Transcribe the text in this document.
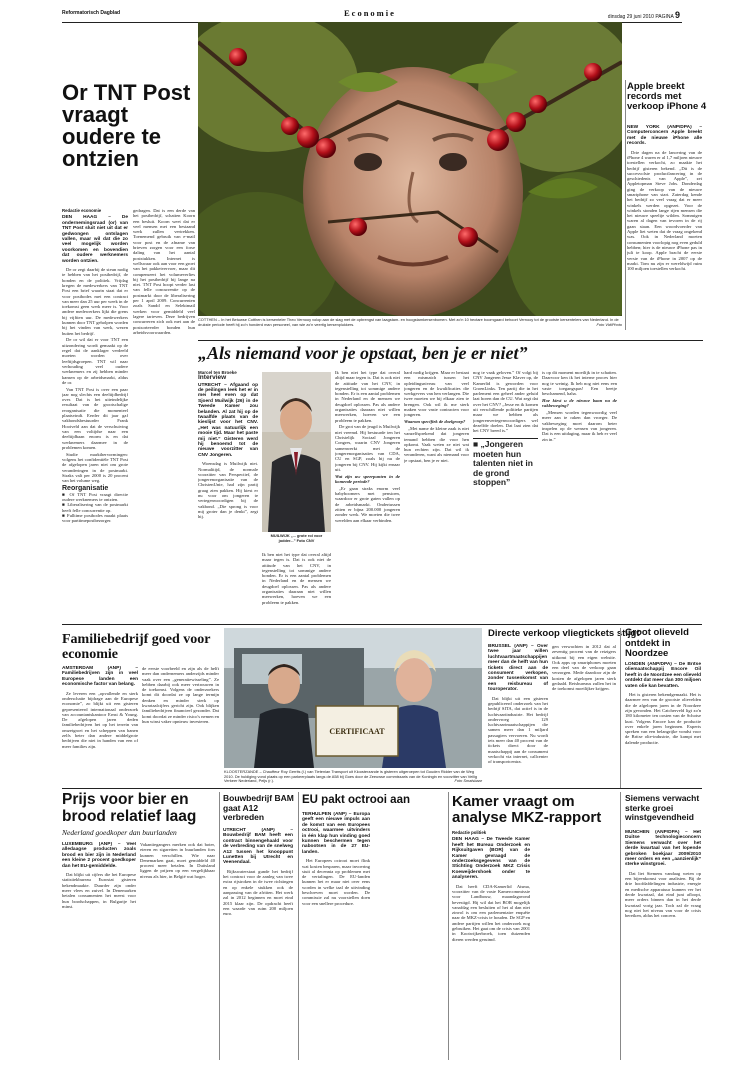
Reformatorisch Dagblad	Economie	dinsdag 29 juni 2010 PAGINA 9
Or TNT Post vraagt oudere te ontzien
Redactie economie
DEN HAAG – De ondernemingsraad (or) van TNT Post sluit niet uit dat er gedwongen ontslagen vallen, maar wil dat die zo veel mogelijk worden voorkomen en bovendien dat oudere werknemers worden ontzien.

De or zegt daarbij de steun nodig te hebben van het postbedrijf, de bonden en de politiek. Vrijdag kregen de medewerkers van TNT Post een brief waarin staat dat er voor postbodes met een contract van meer dan 25 uur per week in de toekomst geen werk meer is. Voor andere medewerkers lijkt die grens bij vijftien uur. De medewerkers kunnen door TNT geholpen worden bij het vinden van werk, wezen buiten het bedrijf.

De or wil dat er voor TNT een uitzondering wordt gemaakt op de regel dat de aanklager verdeeld moeten worden over leeftijdsgroepen. TNT wil naar verhouding veel oudere werknemers en zij hebben minder kansen op de arbeidsmarkt, aldus de or.

Van TNT Post is over een paar jaar nog slechts een deeltijdbedrijf over. Dat is het uiteindelijke resultaat van de grootschalige reorganisatie die momenteel plaatsvindt. Eerder dit jaar gaf vakbondsbestuurder Frank Hooiveld aan dat de verschuiving van een voltijdse naar een deeltijdbaan enorm is en dat werknemers daarmee in de problemen komen.

Studie markthervormingen: volgens het confidentiële TNT Post de afgelopen jaren niet om grote veranderingen in de postmarkt. Straks valt per 2000 is 20 procent van het volume weg.

Reorganisatie
■ Of TNT Post vraagt directie oudere werknemers te ontzien.
■ Liberalisering van de postmarkt heeft felle concurrentie op.
■ Fulltime postbodes maakt plaats voor parttimepostbezorger.

gedragen. Dat is een derde van het postbedrijf, schatten Koorn een besluit. Koorn weet dat er veel mensen met een bestaand werk zullen vertrekken. Toenemend gebruik van e-mail voor post en de afname van brieven zorgen voor een forse daling van het aantal poststukken. Internet is wellswaar ook aan voor een groei van het pakketvervoer, maar dit compenseert het volumeverlies bij het postbedrijf bij lange na niet. TNT Post hoopt verder last van felle concurrentie op de postmarkt door de liberalisering per 1 april 2009. Concurrenten zoals Sandd en Selektmail werken voor gemiddeld veel lagere tarieven. Deze bedrijven concurreren zich ook met aan de postsorteerder bonden hun arbeidsvoorwaarden.

COTTHEN – In het Betuwse Cotthen is kersenteler Theo Vernooy volop aan de slag met de opbrengst van laagstam- en hoogstamkersenbomen. Met zo'n 10 hectare boomgaard behoort Vernooy tot de grootste kersentelers van Nederland. In de drukste periode heeft hij zo'n honderd man personeel, van wie zo'n veertig kersenplukkers.	Foto VidiPhoto
Apple breekt records met verkoop iPhone 4
NEW YORK (ANP/DPA) – Computerconcern Apple breekt met de nieuwe iPhone alle records.

Drie dagen na de lancering van de iPhone 4 waren er al 1,7 miljoen nieuwe toestellen verkocht, zo maakte het bedrijf gisteren bekend. „Dit is de succesvolste productlancering in de geschiedenis van Apple”, zei Appletopman Steve Jobs. Donderdag ging de verkoop van de nieuwe smartphone van start. Zaterdag kende het bedrijf zo veel vraag dat er meer winkels werden opgezet. Voor de winkels stonden lange rijen mensen die het nieuwe speeltje wilden. Sommigen waren al dagen van tevoren in de rij gaan staan. Een woordvoerder van Apple liet weten dat de vraag ongekend was. Ook in Nederland moeten consumenten voorlopig nog even geduld hebben; hier is de nieuwe iPhone pas in juli te koop. Apple bracht de eerste versie van de iPhone in 2007 op de markt. Tom nu zijn er wereldwijd ruim 100 miljoen toestellen verkocht.

„Als niemand voor je opstaat, ben je er niet”
Marcel ten Broeke
Interview
UTRECHT – Afgaand op de peilingen leek het er in mei heel even op dat Sjoerd Muilwijk (26) in de Tweede Kamer zou belanden. Al zat hij op de twaalfde plaats van de kieslijst voor het CNV. „Het was natuurlijk een mooie tijd. Maar het paste mij niet.” Gisteren werd hij benoemd tot de nieuwe voorzitter van CNV Jongeren.

Woensdag is Muilwijk niet. Normalitijd, de normale voorzitter van Perspectief, de jongerenorganisatie van de ChristenUnie, had zijn partij graag zien pakken. Hij kiest er nu voor om jongeren te vertegenwoordigen bij de vakbond. „Die sprong is voor mij groter dan je denkt”, zegt hij.

MUILWIJK „... grote rol voor jodder...” Foto CNV

Ik ben niet het type dat overal altijd maar tegen is. Dat is ook niet de attitude van het CNV, in tegenstelling tot sommige andere bonden. Er is een aantal problemen in Nederland en de mensen we deugdoel oplossen. Pas als andere organisaties daaraan niet willen meewerken, hoeven we een probleem te pakken.

Ik ben niet het type dat overal altijd maar tegen is. Dat is ook niet de attitude van het CNV, in tegenstelling tot sommige andere bonden. Er is een aantal problemen in Nederland en de mensen we deugdoel oplossen. Pas als andere organisaties daaraan niet willen meewerken, hoeven we een probleem te pakken.

De grot van de jeugd is Muilwijk niet vreemd. Hij bestuurde ten het Christelijk Sociaal Jongeren Congres, waarin CNV Jongeren samenwerkt met de jongerenorganisaties van CDA, CU en SGP, zoals hij nu de jongeren bij CNV. Hij kijkt ernaar uit.

Wat zijn uw speerpunten in de komende periode?

„Er gaan straks enorm veel babyboomers met pensioen, waardoor er grote gaten vallen op de arbeidsmarkt. Ondertussen zitten er bijna 200.000 jongeren zonder werk. We moeten die twee werelden aan elkaar verbinden.

hard nodig krijgen. Maar er bestaat een mismatch tussen het opleidingsniveau van veel jongeren en de kwalificaties die werkgevers van hen verlangen. Die twee moeten we bij elkaar zien te brengen. Ook wil ik me sterk maken voor vaste contracten voor jongeren.

Waarom specifiek de doelgroep?

„Met name de kleine zaak is niet vanzelfsprekend dat jongeren iemand hebben die voor hen opkomt. Vaak weten ze niet wat hun rechten zijn. Dat wil ik veranderen, want als niemand voor je opstaat, ben je er niet.

nog te vaak geloven.” Of volgt bij CNV Jongeren Jesse Klaver op, de Kamerlid is geworden voor GroenLinks. Ten partij die in het parlement een geheel ander geluid laat horen dan de CU. Wat zegt dat over het CNV? „Jesse en ik komen uit verschillende politieke partijen maar we hebben als jongerenvertegenwoordigers wel dezelfde doelen. Dat laat zien dat het CNV breed is.”

■ „Jongeren moeten hun talenten niet in de grond stoppen”

is op dit moment moeilijk in te schatten. Daarvoor ken ik het interne proces hier nog te weinig. Ik heb nog niet eens een vaste toegangspas! Een beetje beschamend, haha.

Hoe kiest u de nieuwe baan na de vakbeweging?

„Mensen worden tegenwoordig veel meer aan te raken dan vroeger. De vakbeweging moet daarom beter inspelen op de wensen van jongeren. Dat is een uitdaging, maar ik heb er veel zin in.”

Familiebedrijf goed voor economie
AMSTERDAM (ANP) – Familiebedrijven zijn in veel Europese landen een economische factor van belang.

Ze leveren een „opvallende en sterk onderschatte bijdrage aan de Europese economie”, zo blijkt uit een gisteren gepresenteerd internationaal onderzoek van accountantskantoor Ernst & Young. De afgelopen jaren deden familiebedrijven het op het terrein van omzetgroei en het scheppen van banen zelfs beter dan andere middelgrote bedrijven die niet in handen van een of meer families zijn.

de eerste voorbeeld en zijn als de helft meer dan ondernemers anderzijds minder vaak over een „generatiewisseling”. Ze hebben daarbij ook meer vertrouwen in de toekomst. Volgens de onderzoekers komt dit doordat ze op lange termijn denken en minder sterk op kwartaalcijfers gericht zijn. Ook blijken familiebedrijven financieel gezonder. Dat komt doordat ze minder risico's nemen en hun winst vaker opnieuw investeren.

CERTIFICAAT
KLOOSTERZANDE – Chauffeur Roy Gerrits (l.) van Tietenian Transport uit Kloosterzande is gisteren uitgeroepen tot Gouden Ridder van de Weg 2010. De huldiging vond plaats op een parkeerplaats langs de A58 bij Goes door de Zeeuwse commissaris van de Koningin en voorzitter van Veilig Verkeer Nederland, Peijs (r.).	Foto Smalsbaar
Directe verkoop vliegtickets stijgt
BRUSSEL (ANP) – Over twee jaar willen luchtvaartmaatschappijen meer dan de helft van hun tickets direct aan de consument verkopen, zonder tussenkomst van een reisbureau of touroperator.

Dat blijkt uit een gisteren gepubliceerd onderzoek van het bedrijf SITA, dat actief is in de luchtvaartindustrie. Het bedrijf ondervroeg 129 luchtvaartmaatschappijen die samen meer dan 1 miljard passagiers vervoeren. Nu wordt iets meer dan 40 procent van de tickets direct door de maatschappij aan de consument verkocht via internet, callcenter of transportcentra.

gen verwachten in 2012 dat al zeventig procent van de reizigers uitkomt bij een eigen website. Ook apps op smartphones moeten een deel van de verkoop gaan verzorgen. Mede daardoor zijn de kosten de afgelopen jaren sterk gedaald. Reisbureaus zullen het in de toekomst moeilijker krijgen.

Groot olieveld ontdekt in Noordzee
LONDEN (ANP/DPA) – De Britse oliemaatschappij Encore Oil heeft in de Noordzee een olieveld ontdekt dat meer dan 300 miljoen vaten olie kan bevatten.

Het is gisteren bekendgemaakt. Het is daarmee een van de grootste olievelden die de afgelopen jaren in de Noordzee zijn gevonden. Het Catcherveld ligt zo'n 180 kilometer ten oosten van de Schotse kust. Volgens Encore kan de productie over enkele jaren beginnen. Experts spreken van een belangrijke vondst voor de Britse olie-industrie, die kampt met dalende productie.

Prijs voor bier en brood relatief laag
Nederland goedkoper dan buurlanden
LUXEMBURG (ANP) – Veel alledaagse producten zoals brood en bier zijn in Nederland een kleine 2 procent goedkoper dan het EU-gemiddelde.

Dat blijkt uit cijfers die het Europese statistiekbureau Eurostat gisteren bekendmaakte. Duurder zijn onder meer vlees en zuivel. In Denemarken betalen consumenten het meest voor hun boodschappen, in Bulgarije het minst.

Vakantiegangers merken ook dat boter, eieren en sigaretten in buurlanden fors kunnen verschillen. Wie naar Denemarken gaat, moet gemiddeld 40 procent meer betalen. In Duitsland liggen de prijzen op een vergelijkbaar niveau als hier, in België wat hoger.

Bouwbedrijf BAM gaat A12 verbreden
UTRECHT (ANP) – Bouwbedrijf BAM heeft een contract binnengehaald voor de verbreding van de snelweg A12 tussen het knooppunt Lunetten bij Utrecht en Veenendaal.

Rijkswaterstaat gunde het bedrijf het contract voor de aanleg van twee extra rijstroken in de twee richtingen en op enkele stukken ook de aanpassing van de afritten. Het werk zal in 2012 beginnen en moet eind 2015 klaar zijn. De opdracht heeft een waarde van ruim 200 miljoen euro.

EU pakt octrooi aan
TERHULPEN (ANP) – Europa geeft een nieuwe impuls aan de komst van een Europees octrooi, waarmee uitvinders in één klap hun vinding goed kunnen beschermen tegen nabootsen in de 27 EU-landen.

Het Europees octrooi moet flink wat kosten besparen, maar invoering stuit al decennia op problemen met de vertalingen. De EU-landen kunnen het er maar niet over eens worden in welke taal de uitvinding beschreven moet worden. De commissie zal nu voorstellen doen voor een snellere procedure.

Kamer vraagt om analyse MKZ-rapport
Redactie politiek
DEN HAAG – De Tweede Kamer heeft het Bureau Onderzoek en Rijksuitgaven (BOR) van de Kamer gevraagd de onderzoeksgegevens van de Stichting Onderzoek MKZ Crisis Koeweijdershoek onder te analyseren.

Dat heeft CDA-Kamerlid Atsma, voorzitter van de vaste Kamercommissie voor Landbouw, maandagavond bevestigd. Hij wil dat het BOR mogelijk vanafdag een besluiten of het al dan niet zinvol is om een parlementaire enquête naar de MKZ-crisis te houden. De SGP en andere partijen willen het onderzoek nog gebruiken. Het gaat om de crisis van 2001 in Kootwijkerbroek, toen duizenden dieren werden geruimd.

Siemens verwacht sterke groei winstgevendheid
MÜNCHEN (ANP/DPA) – Het Duitse technologieconcern Siemens verwacht over het derde kwartaal van het lopende gebroken boekjaar 2009/2010 meer orders en een „aanzienlijk” sterke winstgroei.

Dat liet Siemens vandaag weten op een bijeenkomst voor analisten. Bij de drie hoofdafdelingen industrie, energie en medische apparatuur kunnen ver het derde kwartaal, dat eind juni afloopt, meer orders binnen dan in het derde kwartaal vorig jaar. Toch zal de vraag nog niet het niveau van voor de crisis bereiken, aldus het concern.
